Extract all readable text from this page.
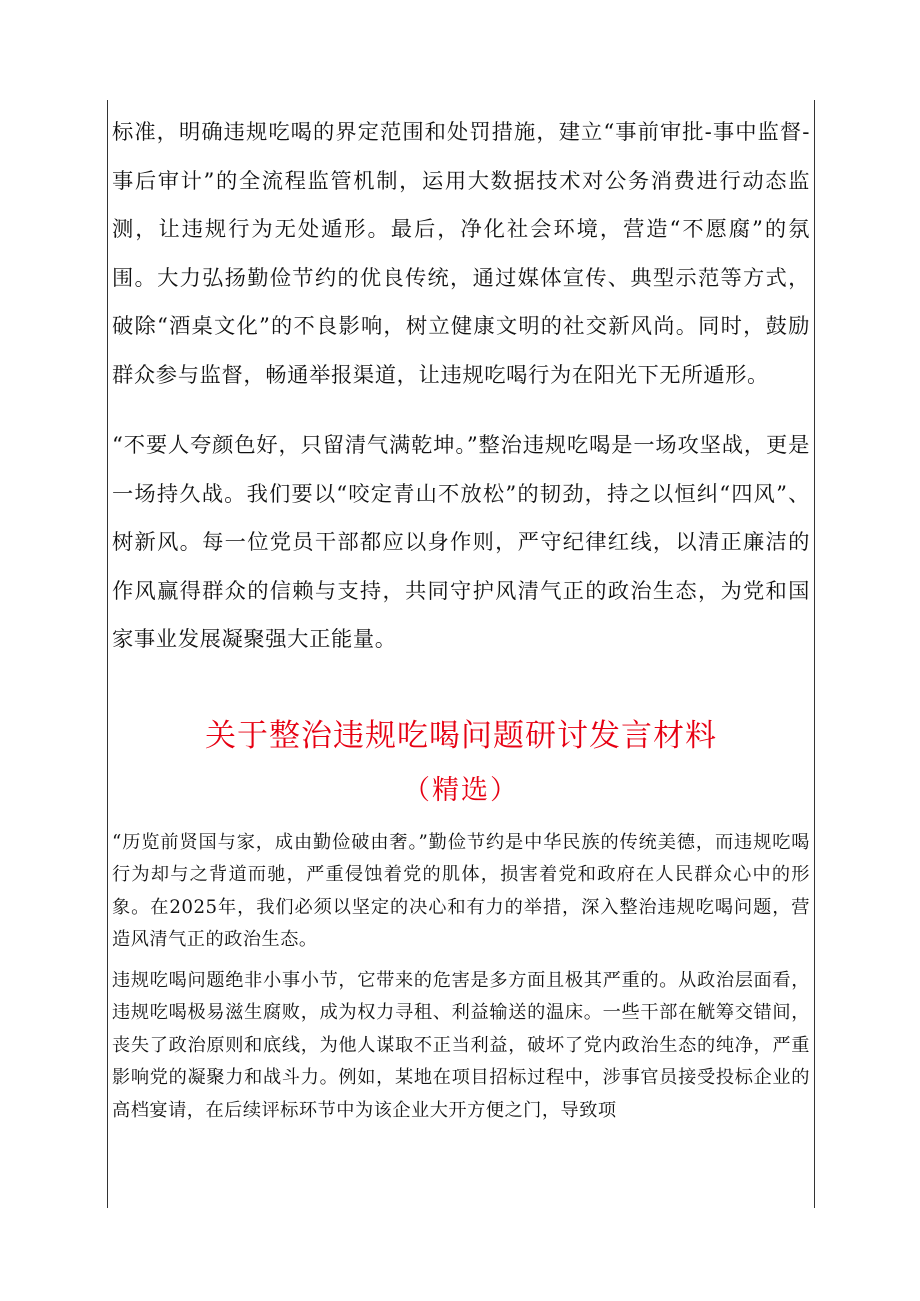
标准，明确违规吃喝的界定范围和处罚措施，建立“事前审批-事中监督-事后审计”的全流程监管机制，运用大数据技术对公务消费进行动态监测，让违规行为无处遁形。最后，净化社会环境，营造“不愿腐”的氛围。大力弘扬勤俭节约的优良传统，通过媒体宣传、典型示范等方式，破除“酒桌文化”的不良影响，树立健康文明的社交新风尚。同时，鼓励群众参与监督，畅通举报渠道，让违规吃喝行为在阳光下无所遁形。

“不要人夸颜色好，只留清气满乾坤。”整治违规吃喝是一场攻坚战，更是一场持久战。我们要以“咬定青山不放松”的韧劲，持之以恒纠“四风”、树新风。每一位党员干部都应以身作则，严守纪律红线，以清正廉洁的作风赢得群众的信赖与支持，共同守护风清气正的政治生态，为党和国家事业发展凝聚强大正能量。

关于整治违规吃喝问题研讨发言材料
（精选）

“历览前贤国与家，成由勤俭破由奢。”勤俭节约是中华民族的传统美德，而违规吃喝行为却与之背道而驰，严重侵蚀着党的肌体，损害着党和政府在人民群众心中的形象。在2025年，我们必须以坚定的决心和有力的举措，深入整治违规吃喝问题，营造风清气正的政治生态。

违规吃喝问题绝非小事小节，它带来的危害是多方面且极其严重的。从政治层面看，违规吃喝极易滋生腐败，成为权力寻租、利益输送的温床。一些干部在觥筹交错间，丧失了政治原则和底线，为他人谋取不正当利益，破坏了党内政治生态的纯净，严重影响党的凝聚力和战斗力。例如，某地在项目招标过程中，涉事官员接受投标企业的高档宴请，在后续评标环节中为该企业大开方便之门，导致项
